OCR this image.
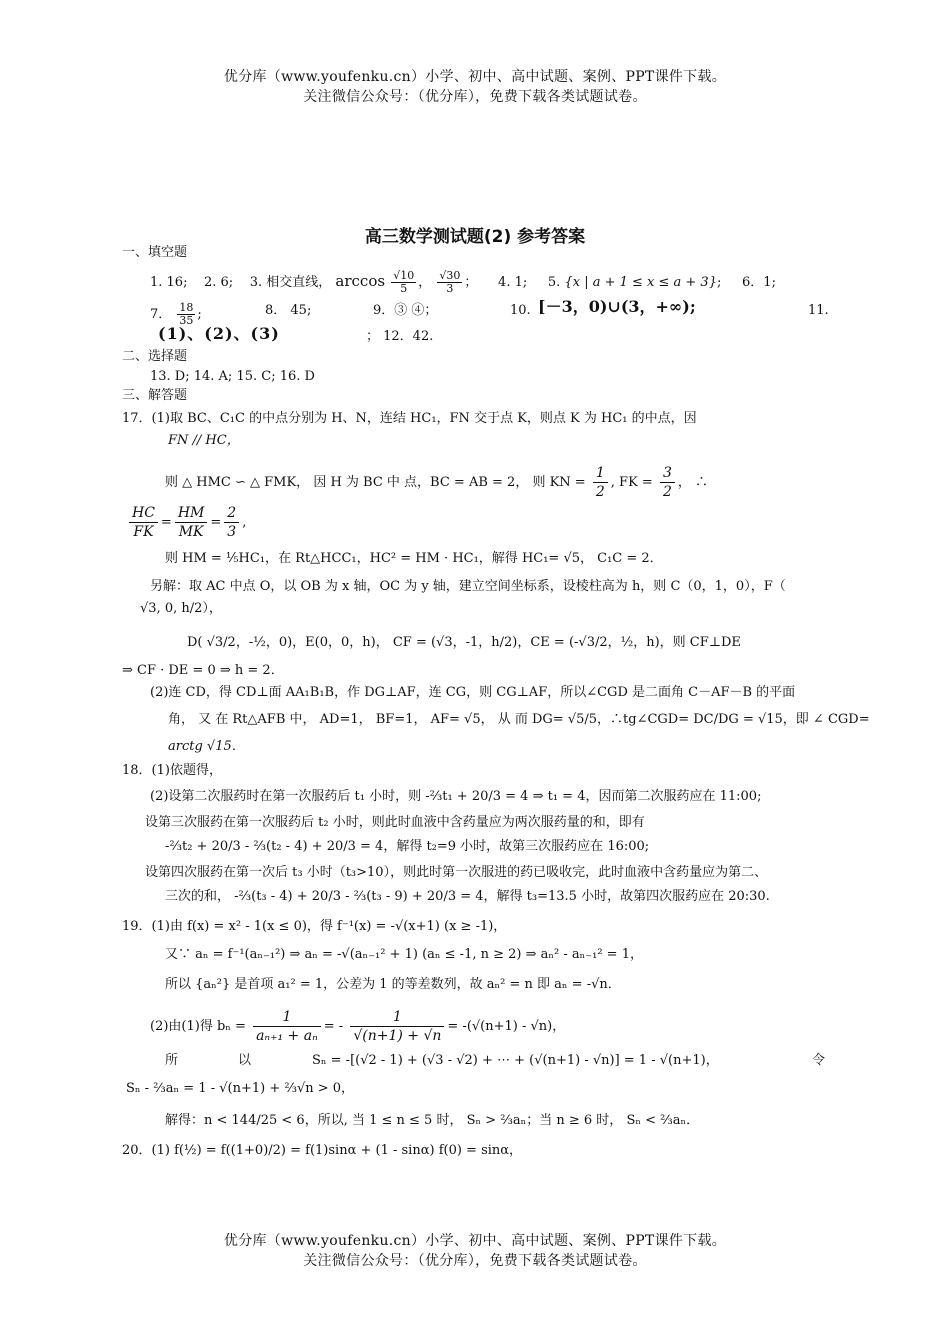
优分库（www.youfenku.cn）小学、初中、高中试题、案例、PPT课件下载。
关注微信公众号：（优分库），免费下载各类试题试卷。
高三数学测试题(2) 参考答案
一、填空题
1. 16; 2. 6; 3. 相交直线， $\arccos \frac{√10}{5}$ ， $\frac{√30}{3}$ ；     4. 1; 5. {x | a + 1 ≤ x ≤ a + 3};     6．1;
7． $\frac{18}{35}$ ;	8． 45;	9．③ ④；	10. [－3，0)∪(3，+∞);	11.
(1)、(2)、(3)	； 12．42.
二、选择题
13. D; 14. A; 15. C; 16. D
三、解答题
17．(1)取 BC、C₁C 的中点分别为 H、N，连结 HC₁，FN 交于点 K，则点 K 为 HC₁ 的中点，因
FN // HC，
则 △ HMC ∽ △ FMK， 因 H 为 BC 中 点，BC = AB = 2， 则 KN = $\frac{1}{2}$ , FK = $\frac{3}{2}$ ， ∴
$\frac{HC}{FK} = \frac{HM}{MK} = \frac{2}{3}$ ,
则 HM = ⅕HC₁，在 Rt△HCC₁，HC² = HM · HC₁，解得 HC₁= √5， C₁C = 2．
另解：取 AC 中点 O，以 OB 为 x 轴，OC 为 y 轴，建立空间坐标系，设棱柱高为 h，则 C（0，1，0），F（
√3, 0, h/2），
D( √3/2，-½，0)，E(0，0，h)， CF = (√3，-1，h/2)，CE = (-√3/2，½，h)，则 CF⊥DE
⇒ CF · DE = 0 ⇒ h = 2．
(2)连 CD，得 CD⊥面 AA₁B₁B，作 DG⊥AF，连 CG，则 CG⊥AF，所以∠CGD 是二面角 C－AF－B 的平面
角， 又 在 Rt△AFB 中， AD=1， BF=1， AF= √5， 从 而 DG= √5/5，∴tg∠CGD= DC/DG = √15，即 ∠ CGD=
arctg √15．
18．(1)依题得，
(2)设第二次服药时在第一次服药后 t₁ 小时，则 -⅔t₁ + 20/3 = 4 ⇒ t₁ = 4，因而第二次服药应在 11:00;
设第三次服药在第一次服药后 t₂ 小时，则此时血液中含药量应为两次服药量的和，即有
-⅔t₂ + 20/3 - ⅔(t₂ - 4) + 20/3 = 4，解得 t₂=9 小时，故第三次服药应在 16:00;
设第四次服药在第一次后 t₃ 小时（t₃>10），则此时第一次服进的药已吸收完，此时血液中含药量应为第二、
三次的和， -⅔(t₃ - 4) + 20/3 - ⅔(t₃ - 9) + 20/3 = 4，解得 t₃=13.5 小时，故第四次服药应在 20:30.
19．(1)由 f(x) = x² - 1(x ≤ 0)，得 f⁻¹(x) = -√(x+1) (x ≥ -1)，
又∵ aₙ = f⁻¹(aₙ₋₁²) ⇒ aₙ = -√(aₙ₋₁² + 1) (aₙ ≤ -1, n ≥ 2) ⇒ aₙ² - aₙ₋₁² = 1，
所以 {aₙ²} 是首项 a₁² = 1，公差为 1 的等差数列，故 aₙ² = n 即 aₙ = -√n．
(2)由(1)得 $b_n = \frac{1}{\text{aₙ₊₁ + aₙ}}$ = - $\frac{1}{√(n+1) + √n} = -(√(n+1) - √n)$，
所	以	Sₙ = -[(√2 - 1) + (√3 - √2) + ⋯ + (√(n+1) - √n)] = 1 - √(n+1)，	令
Sₙ - ⅔aₙ = 1 - √(n+1) + ⅔√n > 0，
解得：n < 144/25 < 6，所以, 当 1 ≤ n ≤ 5 时， Sₙ > ⅔aₙ；当 n ≥ 6 时， Sₙ < ⅔aₙ．
20．(1) f(½) = f((1+0)/2) = f(1)sinα + (1 - sinα) f(0) = sinα，
优分库（www.youfenku.cn）小学、初中、高中试题、案例、PPT课件下载。
关注微信公众号：（优分库），免费下载各类试题试卷。
